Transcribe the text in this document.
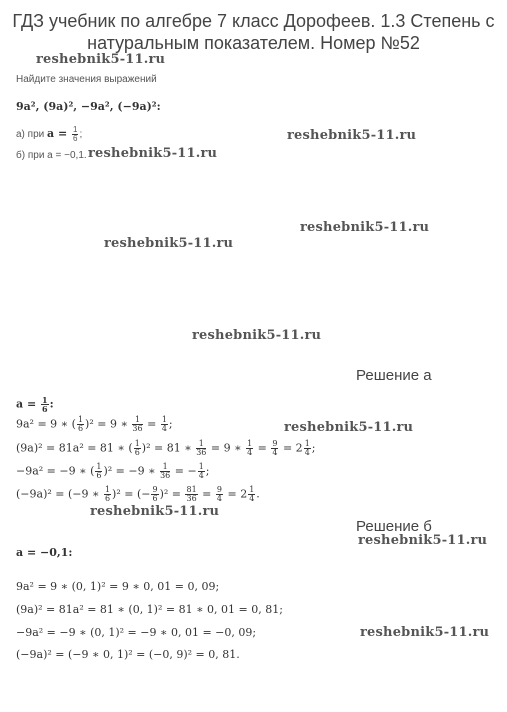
ГДЗ учебник по алгебре 7 класс Дорофеев. 1.3 Степень с
натуральным показателем. Номер №52
reshebnik5-11.ru
reshebnik5-11.ru
reshebnik5-11.ru
reshebnik5-11.ru
reshebnik5-11.ru
reshebnik5-11.ru
reshebnik5-11.ru
reshebnik5-11.ru
reshebnik5-11.ru
reshebnik5-11.ru
Найдите значения выражений
9a², (9a)², −9a², (−9a)²:
а) при $a = \frac{1}{6}$ ;
б) при a = −0,1.
Решение а
$a = \frac{1}{6}$ :
9a² = 9 ∗ ( $\frac{1}{6} )^2 = 9$ ∗ $\frac{1}{36} = \frac{1}{4}$ ;
(9a)² = 81a² = 81 ∗ ( $\frac{1}{6} )^2 = 81$ ∗ $\frac{1}{36} = 9$ ∗ $\frac{1}{4} = \frac{9}{4} = 2 \frac{1}{4}$ ;
−9a² = −9 ∗ ( $\frac{1}{6} )^2 = -9$ ∗ $\frac{1}{36}$ = − $\frac{1}{4}$ ;
(−9a)² = (−9 ∗ $\frac{1}{6} )^2$ = (− $\frac{9}{6} )^2 = \frac{81}{36} = \frac{9}{4} = 2 \frac{1}{4}$ .
Решение б
a = −0,1:
9a² = 9 ∗ (0, 1)² = 9 ∗ 0, 01 = 0, 09;
(9a)² = 81a² = 81 ∗ (0, 1)² = 81 ∗ 0, 01 = 0, 81;
−9a² = −9 ∗ (0, 1)² = −9 ∗ 0, 01 = −0, 09;
(−9a)² = (−9 ∗ 0, 1)² = (−0, 9)² = 0, 81.
